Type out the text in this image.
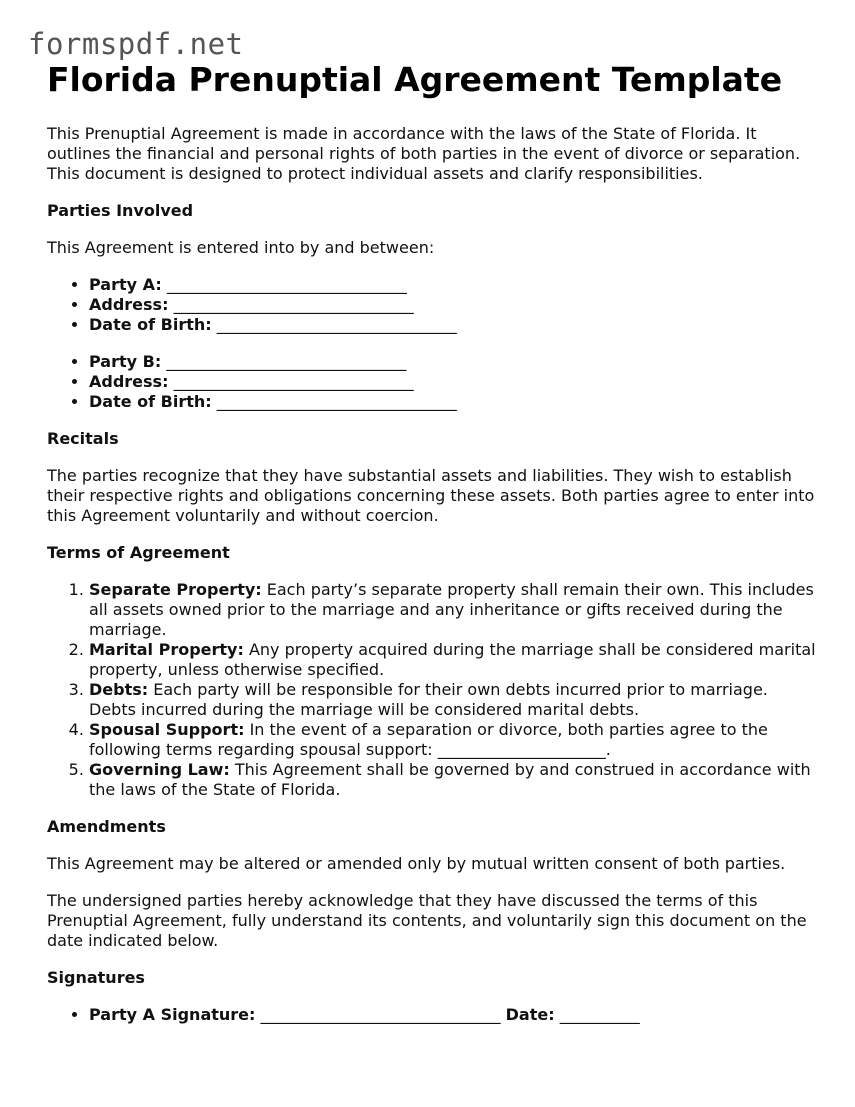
formspdf.net
Florida Prenuptial Agreement Template

This Prenuptial Agreement is made in accordance with the laws of the State of Florida. It outlines the financial and personal rights of both parties in the event of divorce or separation. This document is designed to protect individual assets and clarify responsibilities.

Parties Involved

This Agreement is entered into by and between:

• Party A: ______________________________
• Address: ______________________________
• Date of Birth: ______________________________
• Party B: ______________________________
• Address: ______________________________
• Date of Birth: ______________________________
Recitals

The parties recognize that they have substantial assets and liabilities. They wish to establish their respective rights and obligations concerning these assets. Both parties agree to enter into this Agreement voluntarily and without coercion.

Terms of Agreement
1. Separate Property: Each party’s separate property shall remain their own. This includes all assets owned prior to the marriage and any inheritance or gifts received during the marriage.
2. Marital Property: Any property acquired during the marriage shall be considered marital property, unless otherwise specified.
3. Debts: Each party will be responsible for their own debts incurred prior to marriage. Debts incurred during the marriage will be considered marital debts.
4. Spousal Support: In the event of a separation or divorce, both parties agree to the following terms regarding spousal support: _____________________.
5. Governing Law: This Agreement shall be governed by and construed in accordance with the laws of the State of Florida.
Amendments

This Agreement may be altered or amended only by mutual written consent of both parties.

The undersigned parties hereby acknowledge that they have discussed the terms of this Prenuptial Agreement, fully understand its contents, and voluntarily sign this document on the date indicated below.

Signatures
• Party A Signature: ______________________________ Date: __________
